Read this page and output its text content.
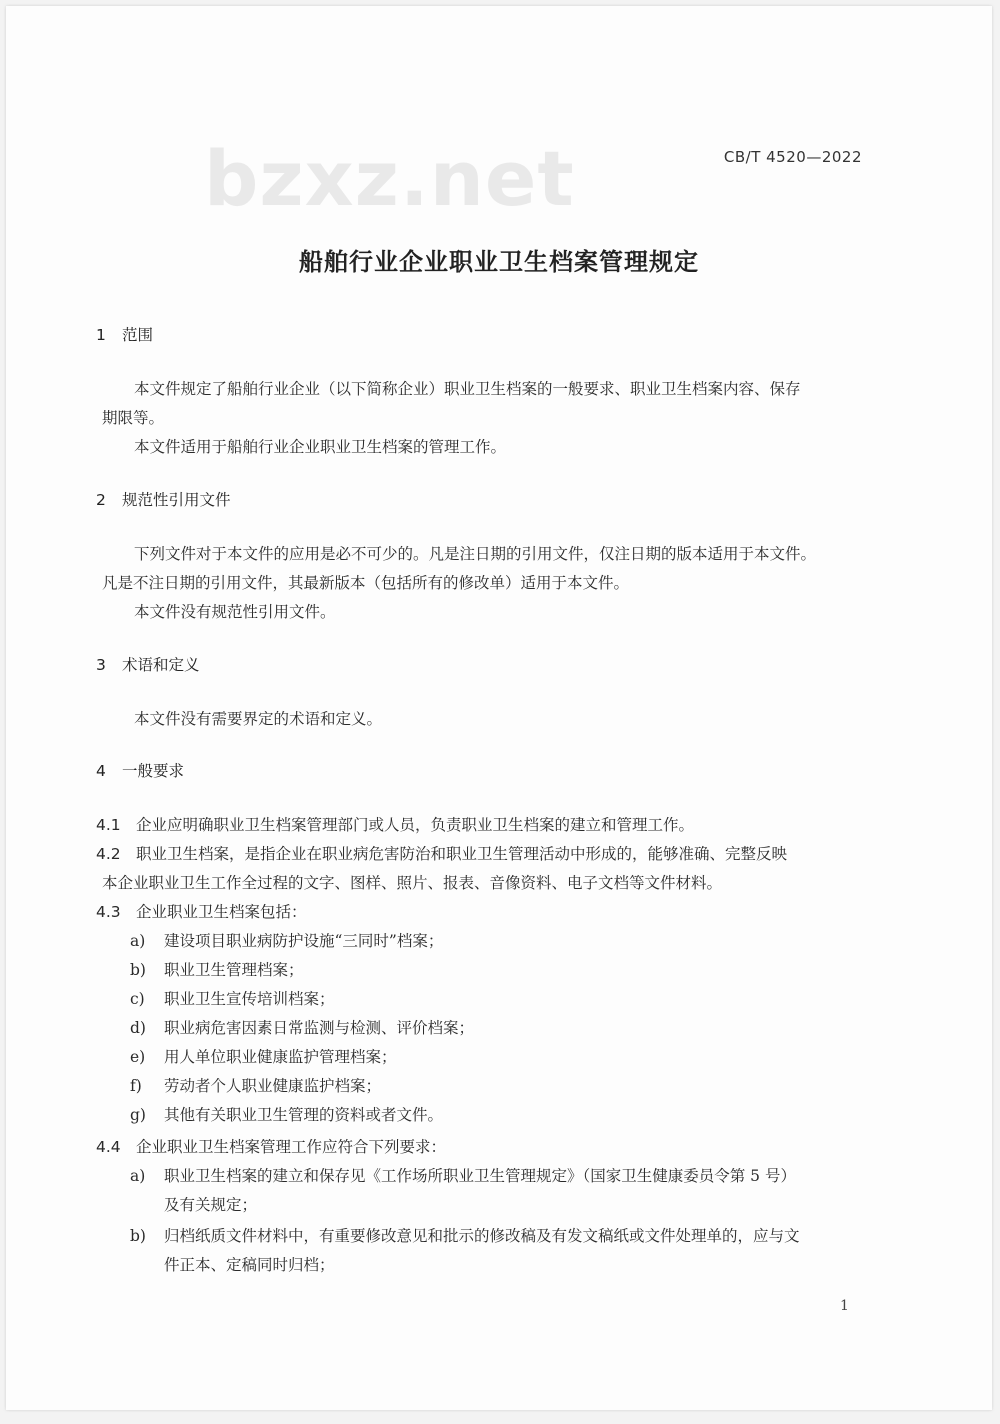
bzxz.net	CB/T 4520—2022
船舶行业企业职业卫生档案管理规定
1 范围
本文件规定了船舶行业企业（以下简称企业）职业卫生档案的一般要求、职业卫生档案内容、保存
期限等。
本文件适用于船舶行业企业职业卫生档案的管理工作。
2 规范性引用文件
下列文件对于本文件的应用是必不可少的。凡是注日期的引用文件，仅注日期的版本适用于本文件。
凡是不注日期的引用文件，其最新版本（包括所有的修改单）适用于本文件。
本文件没有规范性引用文件。
3 术语和定义
本文件没有需要界定的术语和定义。
4 一般要求
4.1 企业应明确职业卫生档案管理部门或人员，负责职业卫生档案的建立和管理工作。
4.2 职业卫生档案，是指企业在职业病危害防治和职业卫生管理活动中形成的，能够准确、完整反映
本企业职业卫生工作全过程的文字、图样、照片、报表、音像资料、电子文档等文件材料。
4.3 企业职业卫生档案包括：
a) 建设项目职业病防护设施“三同时”档案；
b) 职业卫生管理档案；
c) 职业卫生宣传培训档案；
d) 职业病危害因素日常监测与检测、评价档案；
e) 用人单位职业健康监护管理档案；
f) 劳动者个人职业健康监护档案；
g) 其他有关职业卫生管理的资料或者文件。
4.4 企业职业卫生档案管理工作应符合下列要求：
a) 职业卫生档案的建立和保存见《工作场所职业卫生管理规定》（国家卫生健康委员令第 5 号）
及有关规定；
b) 归档纸质文件材料中，有重要修改意见和批示的修改稿及有发文稿纸或文件处理单的，应与文
件正本、定稿同时归档；
1
